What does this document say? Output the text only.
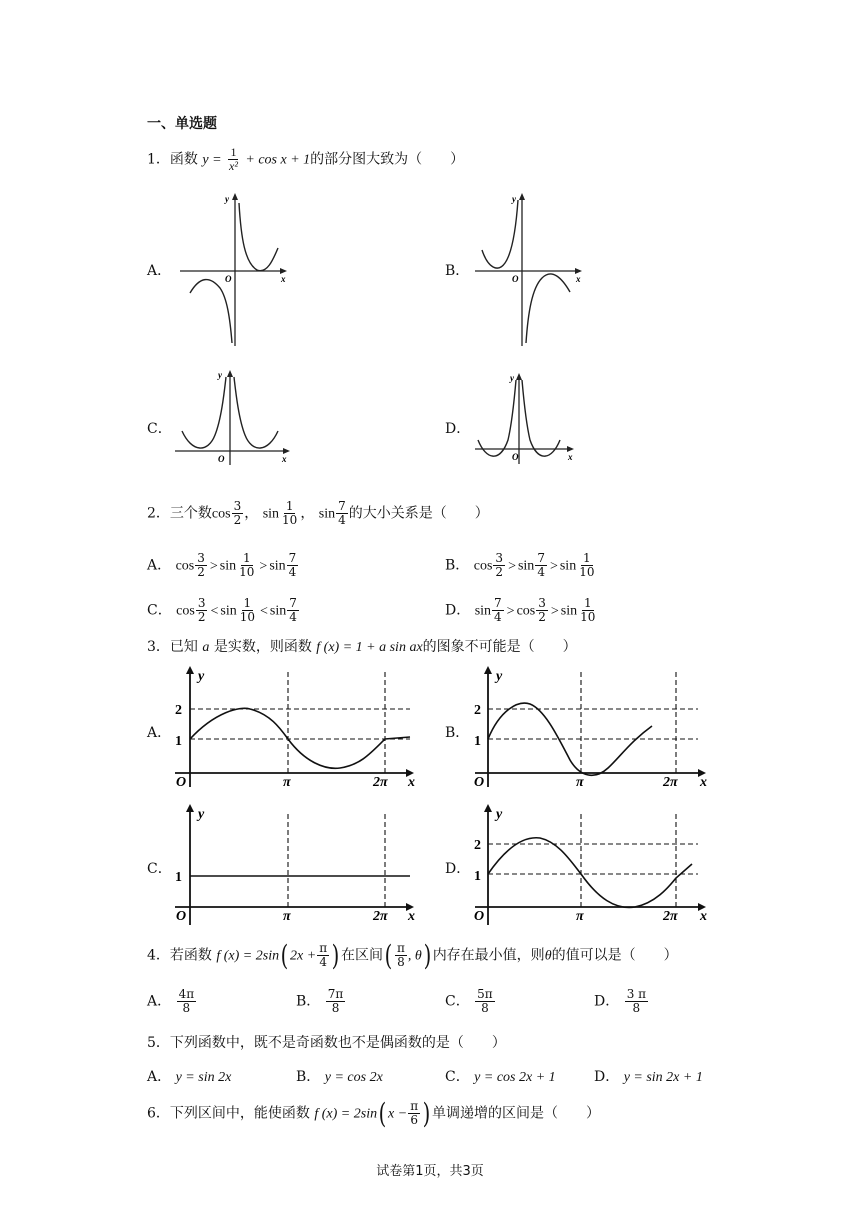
一、单选题
1．函数 $y = \frac{1}{\text{x²}} + \cos x + 1$的部分图大致为（　　）
A．	B．
C．	D．
y
x
O
y
x
O
y
x
O
y
x
O
2．三个数$\cos \frac{3}{2}$ ， $\sin \frac{1}{10}$ ， $\sin \frac{7}{4}$ 的大小关系是（　　）
A． $\cos \frac{3}{2} > \sin \frac{1}{10} > \sin \frac{7}{4}$	B． $\cos \frac{3}{2} > \sin \frac{7}{4} > \sin \frac{1}{10}$
C． $\cos \frac{3}{2} < \sin \frac{1}{10} < \sin \frac{7}{4}$	D． $\sin \frac{7}{4} > \cos \frac{3}{2} > \sin \frac{1}{10}$
3．已知 a 是实数，则函数 f (x) = 1 + a sin ax的图象不可能是（　　）
A．	B．
C．	D．
y
O	x
2
1
π	2π
y
O	x
2
1
π	2π
y
O	x
1
π	2π
y
O	x
2
1
π	2π
4．若函数 f (x) = 2sin( $2x + \frac{\pi}{4}$ ) 在区间( $\frac{\pi}{8}$ , θ) 内存在最小值，则θ的值可以是（　　）
A． $\frac{4\pi}{8}$	B． $\frac{7\pi}{8}$	C． $\frac{5\pi}{8}$	D． $\frac{3 \pi}{8}$
5．下列函数中，既不是奇函数也不是偶函数的是（　　）
A． y = sin 2x	B． y = cos 2x	C． y = cos 2x + 1	D． y = sin 2x + 1
6．下列区间中，能使函数 f (x) = 2sin( $x - \frac{\pi}{6}$ ) 单调递增的区间是（　　）
试卷第1页，共3页
